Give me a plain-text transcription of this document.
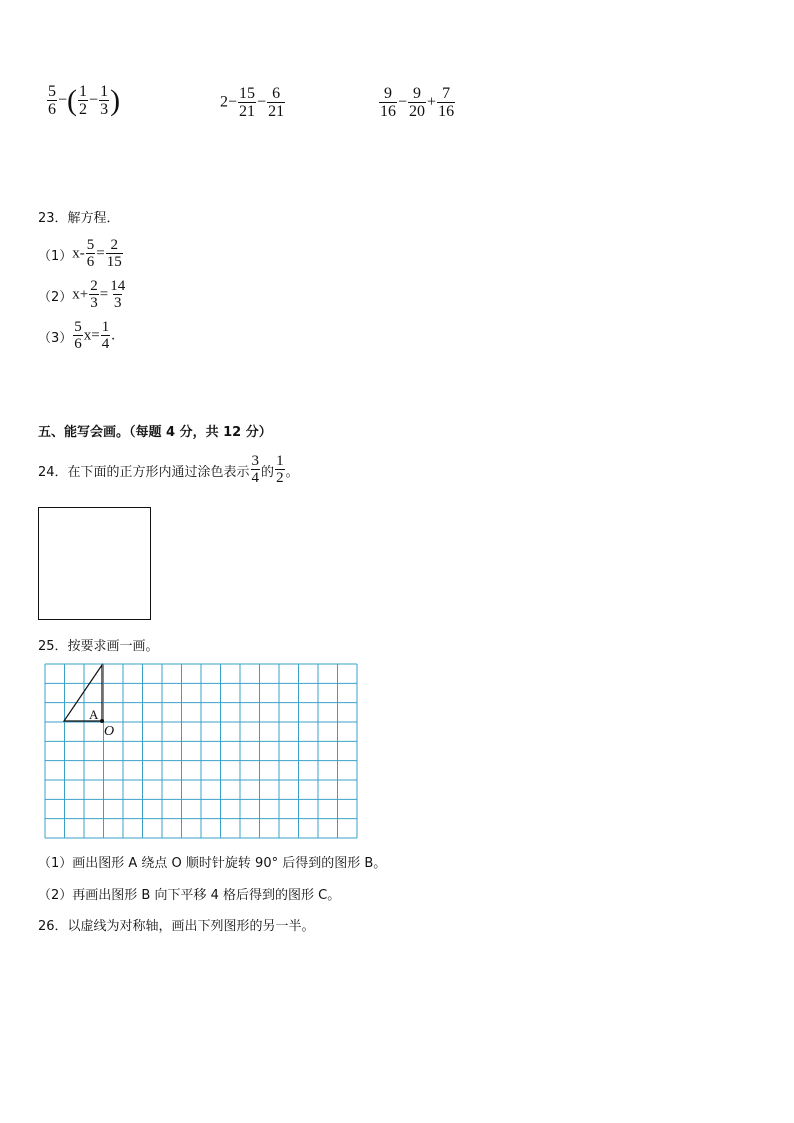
$\frac{5}{6}$ −( $\frac{1}{2} - \frac{1}{3}$ )	$2- \frac{15}{21} - \frac{6}{21}$	$\frac{9}{16} - \frac{9}{20} + \frac{7}{16}$
23．解方程．
（1） $x- \frac{5}{6} = \frac{2}{15}$
（2） $x+ \frac{2}{3} = \frac{14}{3}$
$(3) \frac{5}{6} x= \frac{1}{4}$ .
五、能写会画。（每题 4 分，共 12 分）
24．在下面的正方形内通过涂色表示 $\frac{3}{4}$ 的 $\frac{1}{2}$ 。
25．按要求画一画。
A
O
（1）画出图形 A 绕点 O 顺时针旋转 90° 后得到的图形 B。
（2）再画出图形 B 向下平移 4 格后得到的图形 C。
26．以虚线为对称轴，画出下列图形的另一半。
